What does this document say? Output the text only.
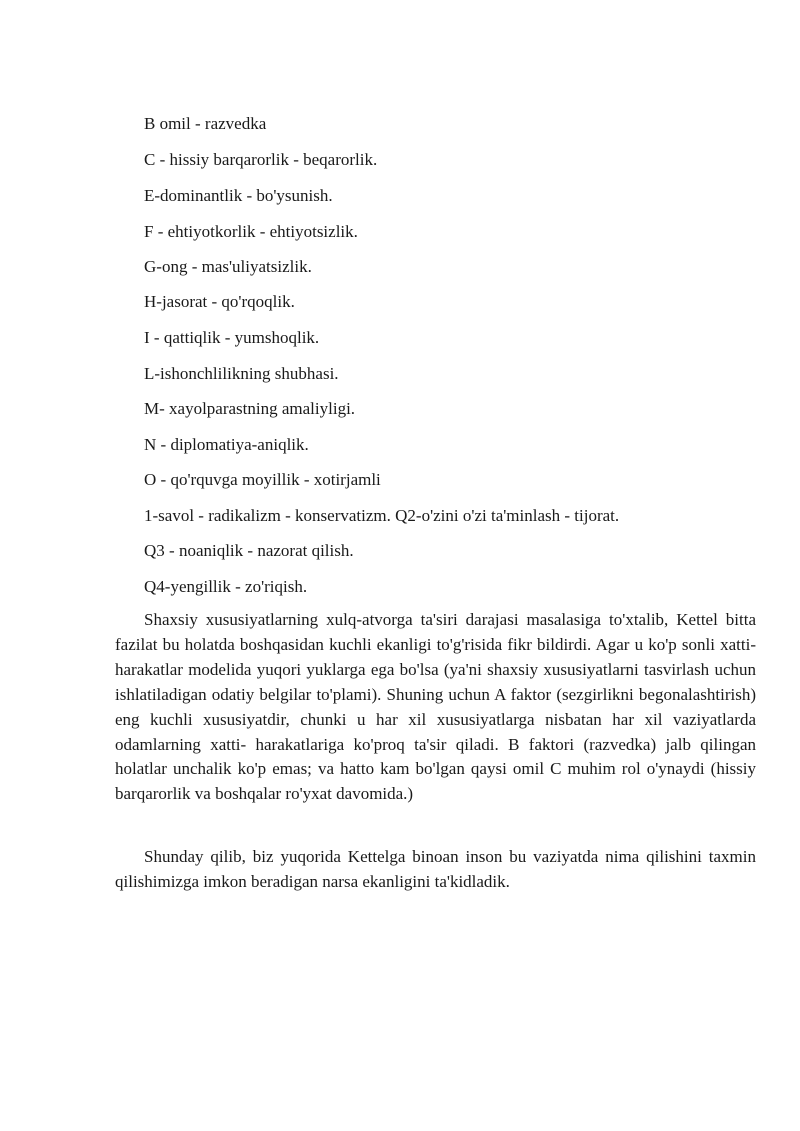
B omil - razvedka

C - hissiy barqarorlik - beqarorlik.

E-dominantlik - bo'ysunish.

F - ehtiyotkorlik - ehtiyotsizlik.

G-ong - mas'uliyatsizlik.

H-jasorat - qo'rqoqlik.

I - qattiqlik - yumshoqlik.

L-ishonchlilikning shubhasi.

M- xayolparastning amaliyligi.

N - diplomatiya-aniqlik.

O - qo'rquvga moyillik - xotirjamli

1-savol - radikalizm - konservatizm. Q2-o'zini o'zi ta'minlash - tijorat.

Q3 - noaniqlik - nazorat qilish.

Q4-yengillik - zo'riqish.

Shaxsiy xususiyatlarning xulq-atvorga ta'siri darajasi masalasiga to'xtalib, Kettel bitta fazilat bu holatda boshqasidan kuchli ekanligi to'g'risida fikr bildirdi. Agar u ko'p sonli xatti- harakatlar modelida yuqori yuklarga ega bo'lsa (ya'ni shaxsiy xususiyatlarni tasvirlash uchun ishlatiladigan odatiy belgilar to'plami). Shuning uchun A faktor (sezgirlikni begonalashtirish) eng kuchli xususiyatdir, chunki u har xil xususiyatlarga nisbatan har xil vaziyatlarda odamlarning xatti- harakatlariga ko'proq ta'sir qiladi. B faktori (razvedka) jalb qilingan holatlar unchalik ko'p emas; va hatto kam bo'lgan qaysi omil C muhim rol o'ynaydi (hissiy barqarorlik va boshqalar ro'yxat davomida.)

Shunday qilib, biz yuqorida Kettelga binoan inson bu vaziyatda nima qilishini taxmin qilishimizga imkon beradigan narsa ekanligini ta'kidladik.
